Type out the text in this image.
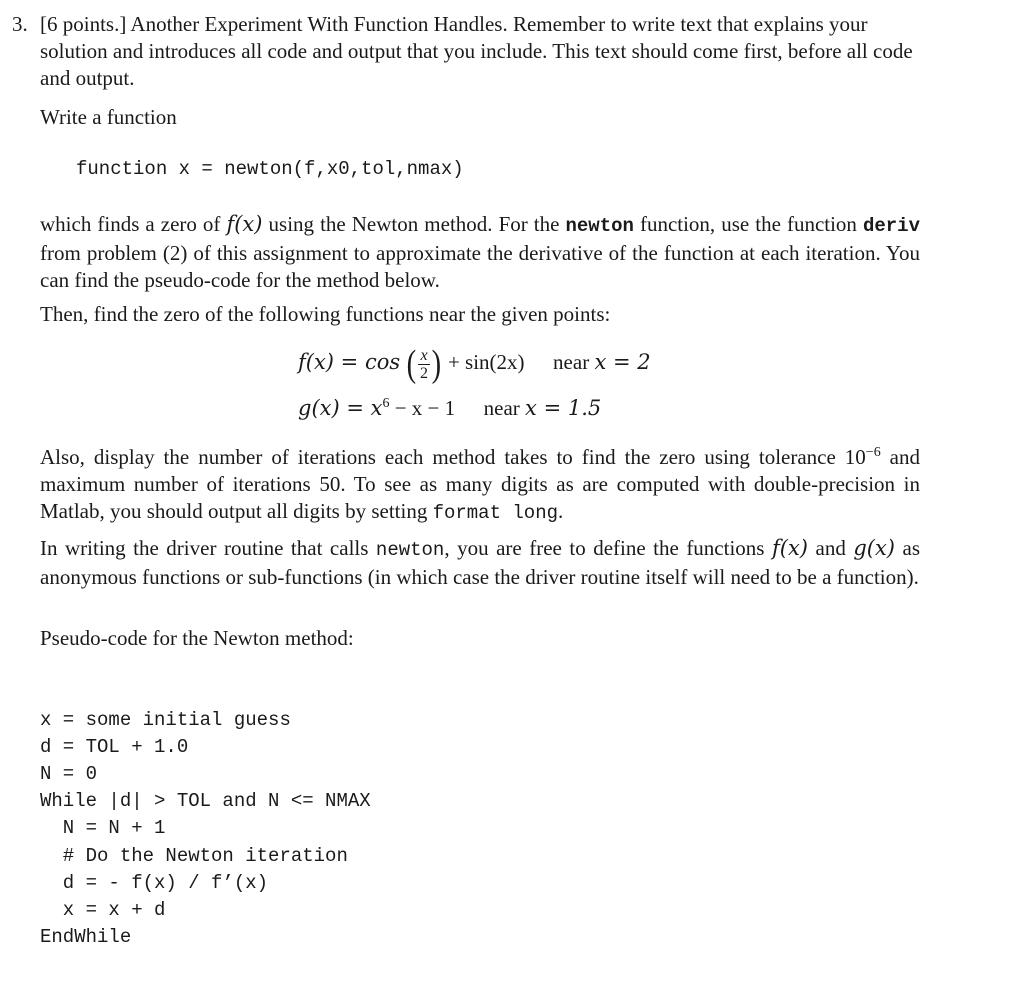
3. [6 points.] Another Experiment With Function Handles. Remember to write text that explains your solution and introduces all code and output that you include. This text should come first, before all code and output.

Write a function

function x = newton(f,x0,tol,nmax)

which finds a zero of f(x) using the Newton method. For the newton function, use the function deriv from problem (2) of this assignment to approximate the derivative of the function at each iteration. You can find the pseudo-code for the method below.

Then, find the zero of the following functions near the given points:

f(x) = cos ( $\frac{x}{2}$ ) + sin(2x) near x = 2
$g(x) = x^6 - x - 1$ near x = 1.5

Also, display the number of iterations each method takes to find the zero using tolerance $10^{-6}$ and maximum number of iterations 50. To see as many digits as are computed with double-precision in Matlab, you should output all digits by setting format long.

In writing the driver routine that calls newton, you are free to define the functions f(x) and g(x) as anonymous functions or sub-functions (in which case the driver routine itself will need to be a function).

Pseudo-code for the Newton method:

x = some initial guess
d = TOL + 1.0
N = 0
While |d| > TOL and N <= NMAX
N = N + 1
# Do the Newton iteration
d = - f(x) / f’(x)
x = x + d
EndWhile
